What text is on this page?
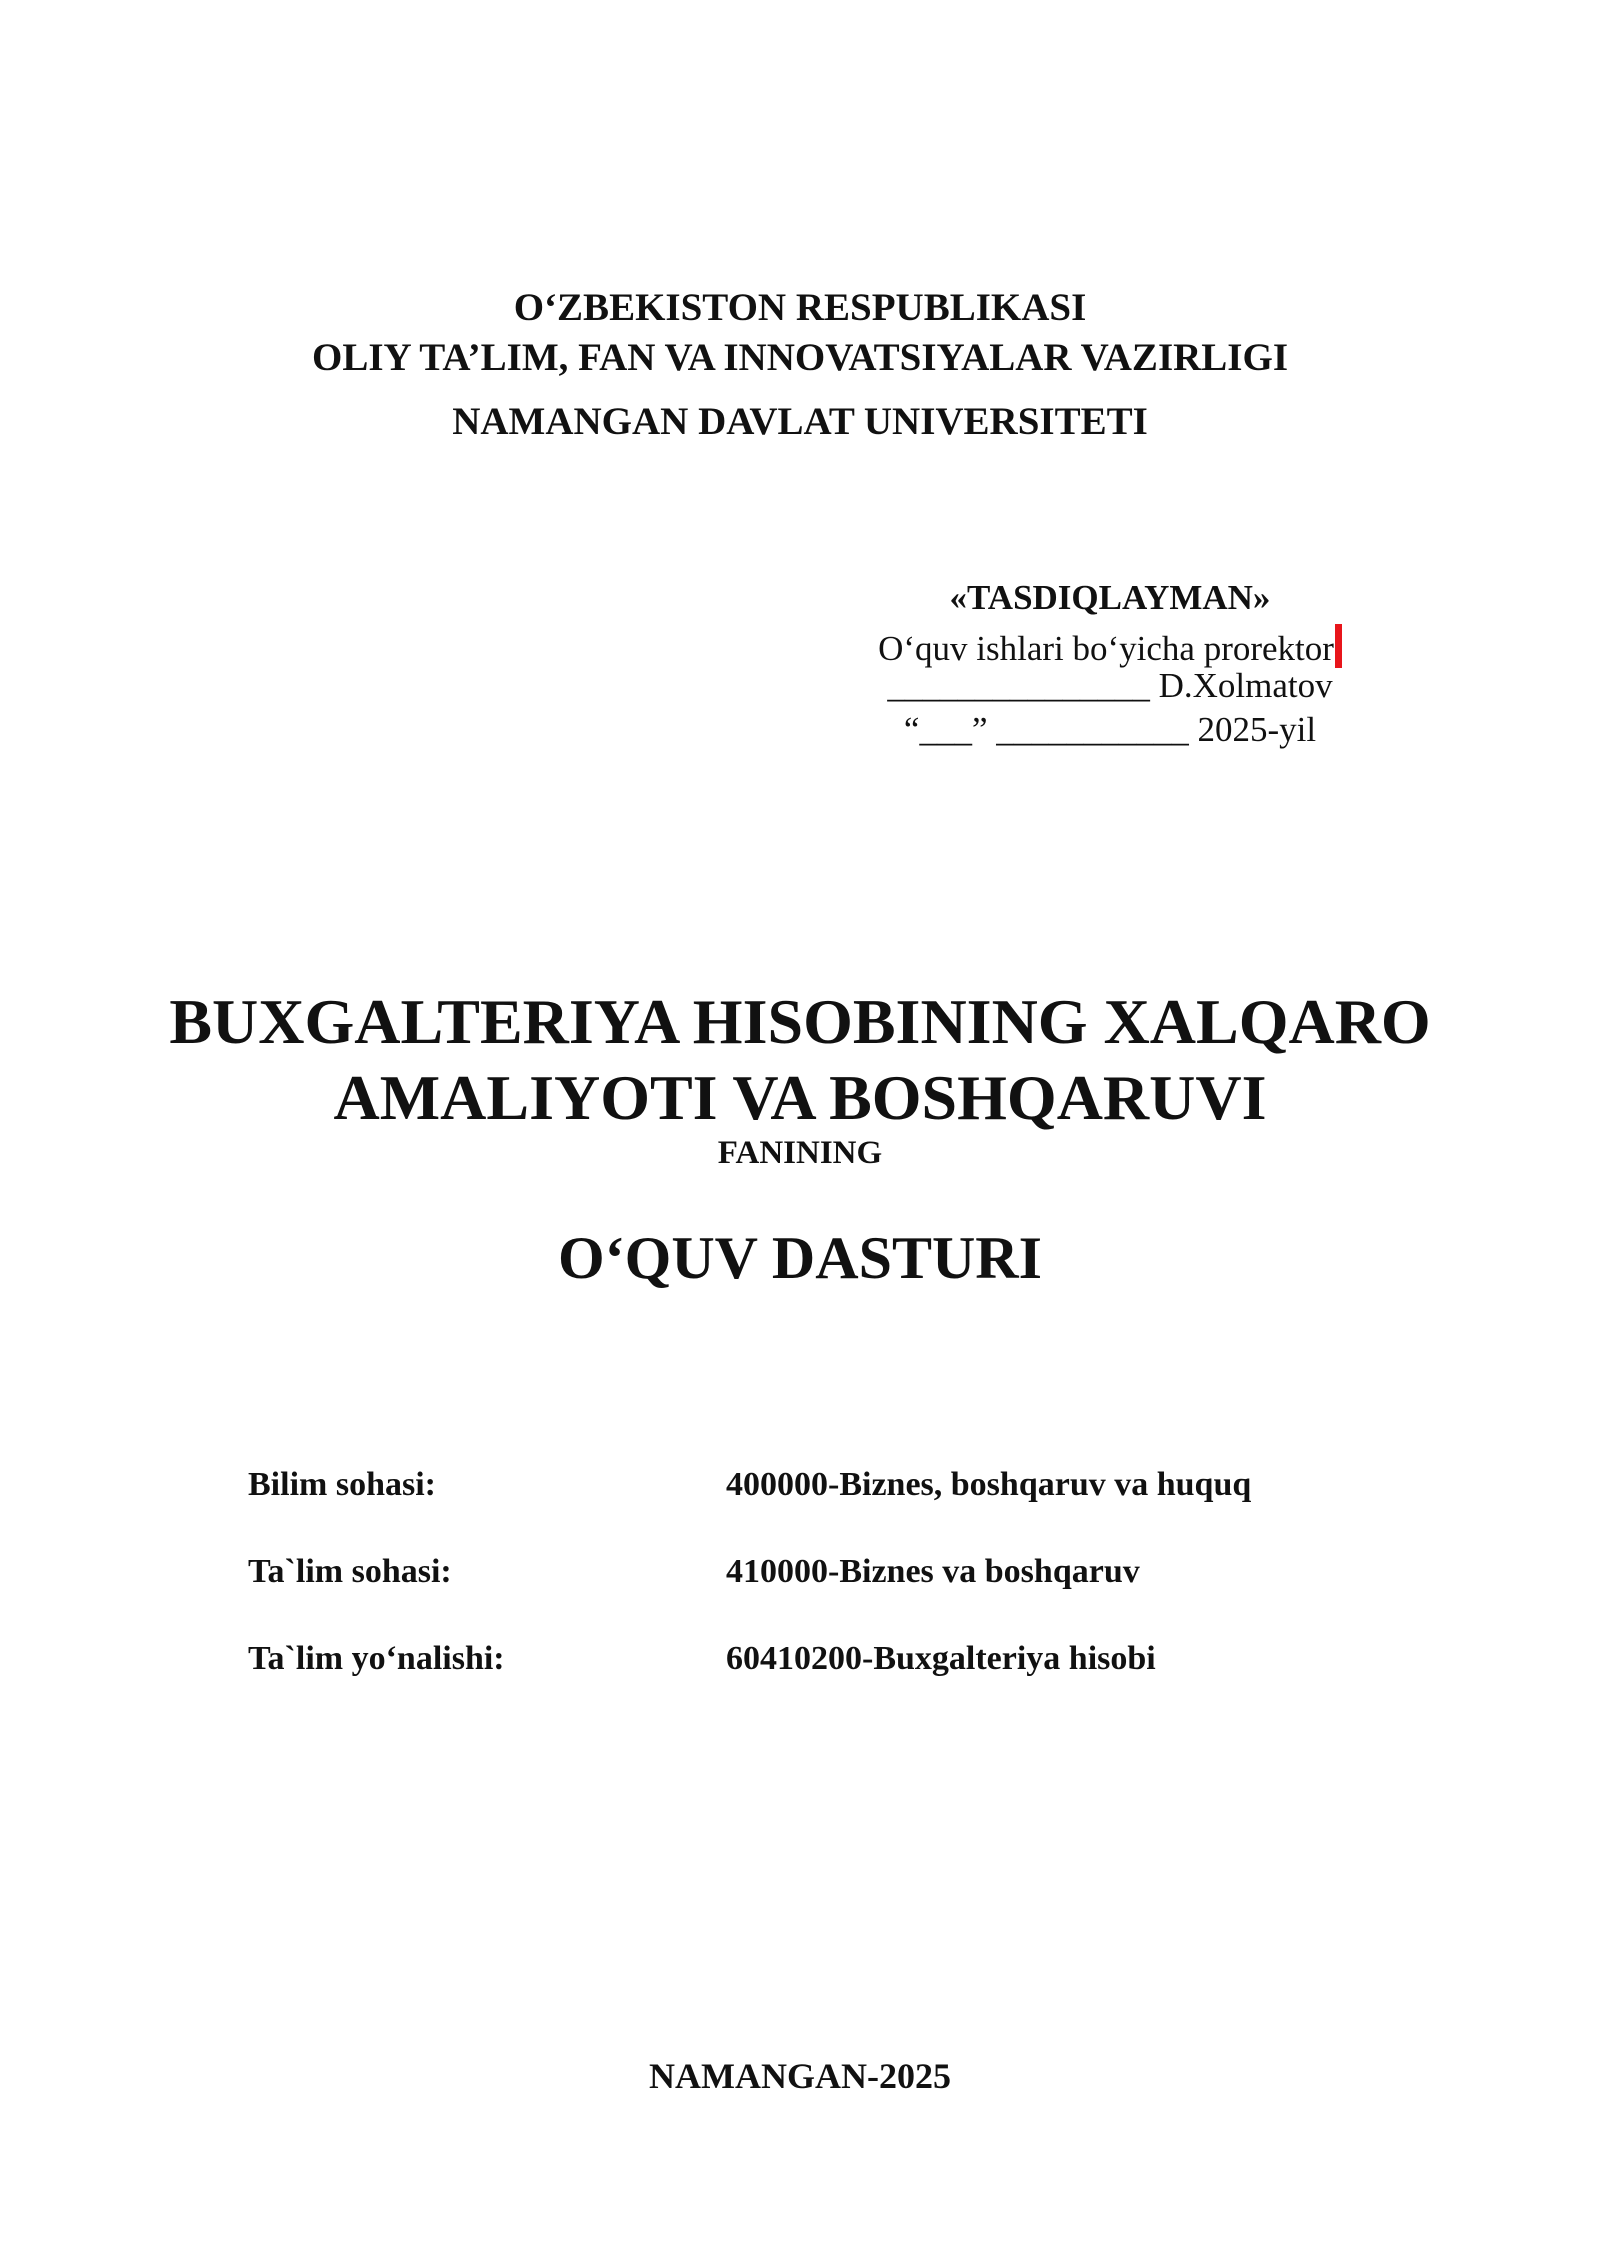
O‘ZBEKISTON RESPUBLIKASI
OLIY TA’LIM, FAN VA INNOVATSIYALAR VAZIRLIGI
NAMANGAN DAVLAT UNIVERSITETI
«TASDIQLAYMAN»
O‘quv ishlari bo‘yicha prorektor
_______________ D.Xolmatov
“___” ___________ 2025-yil
BUXGALTERIYA HISOBINING XALQARO
AMALIYOTI VA BOSHQARUVI
FANINING
O‘QUV DASTURI
Bilim sohasi:	400000-Biznes, boshqaruv va huquq
Ta`lim sohasi:	410000-Biznes va boshqaruv
Ta`lim yo‘nalishi:	60410200-Buxgalteriya hisobi
NAMANGAN-2025
